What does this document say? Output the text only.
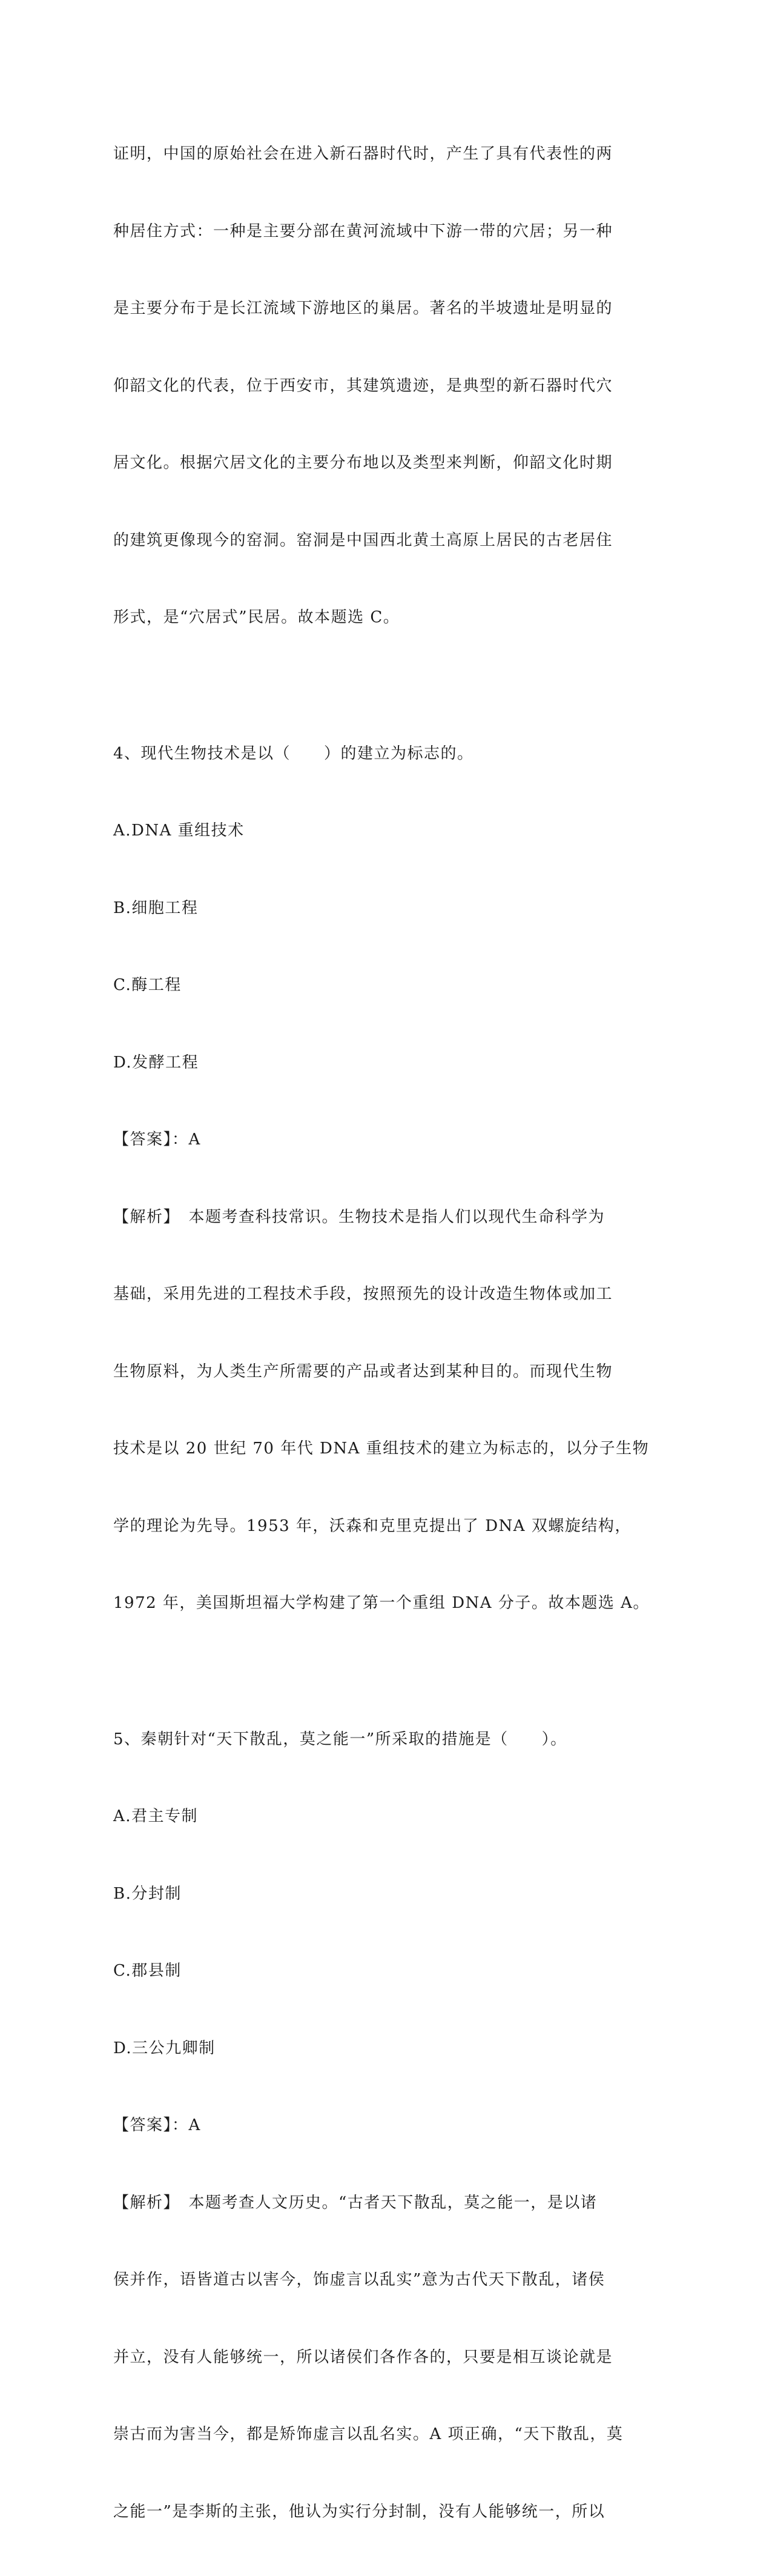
证明，中国的原始社会在进入新石器时代时，产生了具有代表性的两

种居住方式：一种是主要分部在黄河流域中下游一带的穴居；另一种

是主要分布于是长江流域下游地区的巢居。著名的半坡遗址是明显的

仰韶文化的代表，位于西安市，其建筑遗迹，是典型的新石器时代穴

居文化。根据穴居文化的主要分布地以及类型来判断，仰韶文化时期

的建筑更像现今的窑洞。窑洞是中国西北黄土高原上居民的古老居住

形式，是“穴居式”民居。故本题选 C。

4、现代生物技术是以（　　）的建立为标志的。

A.DNA 重组技术

B.细胞工程

C.酶工程

D.发酵工程

【答案】：A

【解析】　本题考查科技常识。生物技术是指人们以现代生命科学为

基础，采用先进的工程技术手段，按照预先的设计改造生物体或加工

生物原料，为人类生产所需要的产品或者达到某种目的。而现代生物

技术是以 20 世纪 70 年代 DNA 重组技术的建立为标志的，以分子生物

学的理论为先导。1953 年，沃森和克里克提出了 DNA 双螺旋结构，

1972 年，美国斯坦福大学构建了第一个重组 DNA 分子。故本题选 A。

5、秦朝针对“天下散乱，莫之能一”所采取的措施是（　　）。

A.君主专制

B.分封制

C.郡县制

D.三公九卿制

【答案】：A

【解析】　本题考查人文历史。“古者天下散乱，莫之能一，是以诸

侯并作，语皆道古以害今，饰虚言以乱实”意为古代天下散乱，诸侯

并立，没有人能够统一，所以诸侯们各作各的，只要是相互谈论就是

崇古而为害当今，都是矫饰虚言以乱名实。A 项正确，“天下散乱，莫

之能一”是李斯的主张，他认为实行分封制，没有人能够统一，所以
